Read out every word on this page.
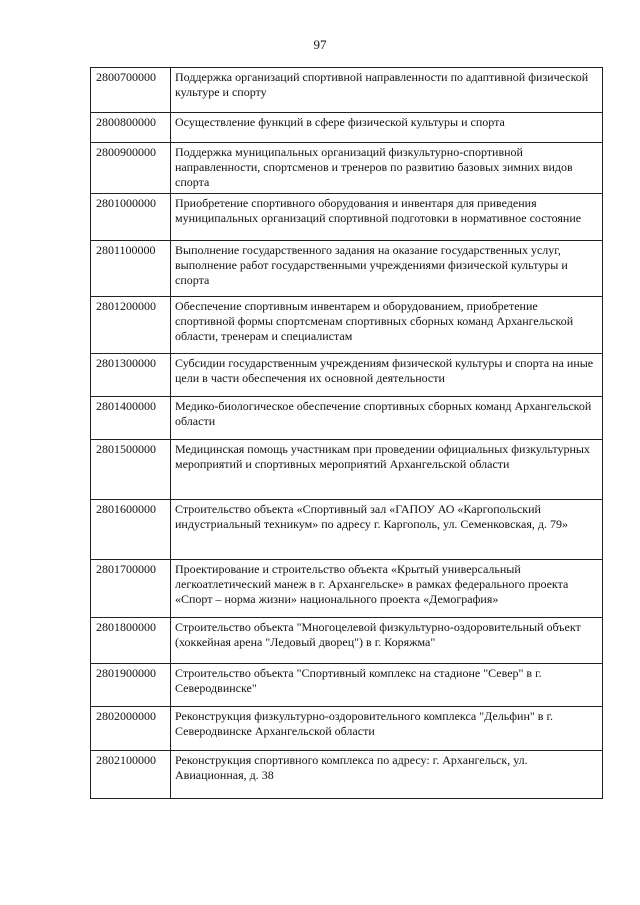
97
2800700000	Поддержка организаций спортивной направленности по адаптивной физической культуре и спорту
2800800000	Осуществление функций в сфере физической культуры и спорта
2800900000	Поддержка муниципальных организаций физкультурно-спортивной направленности, спортсменов и тренеров по развитию базовых зимних видов спорта
2801000000	Приобретение спортивного оборудования и инвентаря для приведения муниципальных организаций спортивной подготовки в нормативное состояние
2801100000	Выполнение государственного задания на оказание государственных услуг, выполнение работ государственными учреждениями физической культуры и спорта
2801200000	Обеспечение спортивным инвентарем и оборудованием, приобретение спортивной формы спортсменам спортивных сборных команд Архангельской области, тренерам и специалистам
2801300000	Субсидии государственным учреждениям физической культуры и спорта на иные цели в части обеспечения их основной деятельности
2801400000	Медико-биологическое обеспечение спортивных сборных команд Архангельской области
2801500000	Медицинская помощь участникам при проведении официальных физкультурных мероприятий и спортивных мероприятий Архангельской области
2801600000	Строительство объекта «Спортивный зал «ГАПОУ АО «Каргопольский индустриальный техникум» по адресу г. Каргополь, ул. Семенковская, д. 79»
2801700000	Проектирование и строительство объекта «Крытый универсальный легкоатлетический манеж в г. Архангельске» в рамках федерального проекта «Спорт – норма жизни» национального проекта «Демография»
2801800000	Строительство объекта "Многоцелевой физкультурно-оздоровительный объект (хоккейная арена "Ледовый дворец") в г. Коряжма"
2801900000	Строительство объекта "Спортивный комплекс на стадионе "Север" в г. Северодвинске"
2802000000	Реконструкция физкультурно-оздоровительного комплекса "Дельфин" в г. Северодвинске Архангельской области
2802100000	Реконструкция спортивного комплекса по адресу: г. Архангельск, ул. Авиационная, д. 38
